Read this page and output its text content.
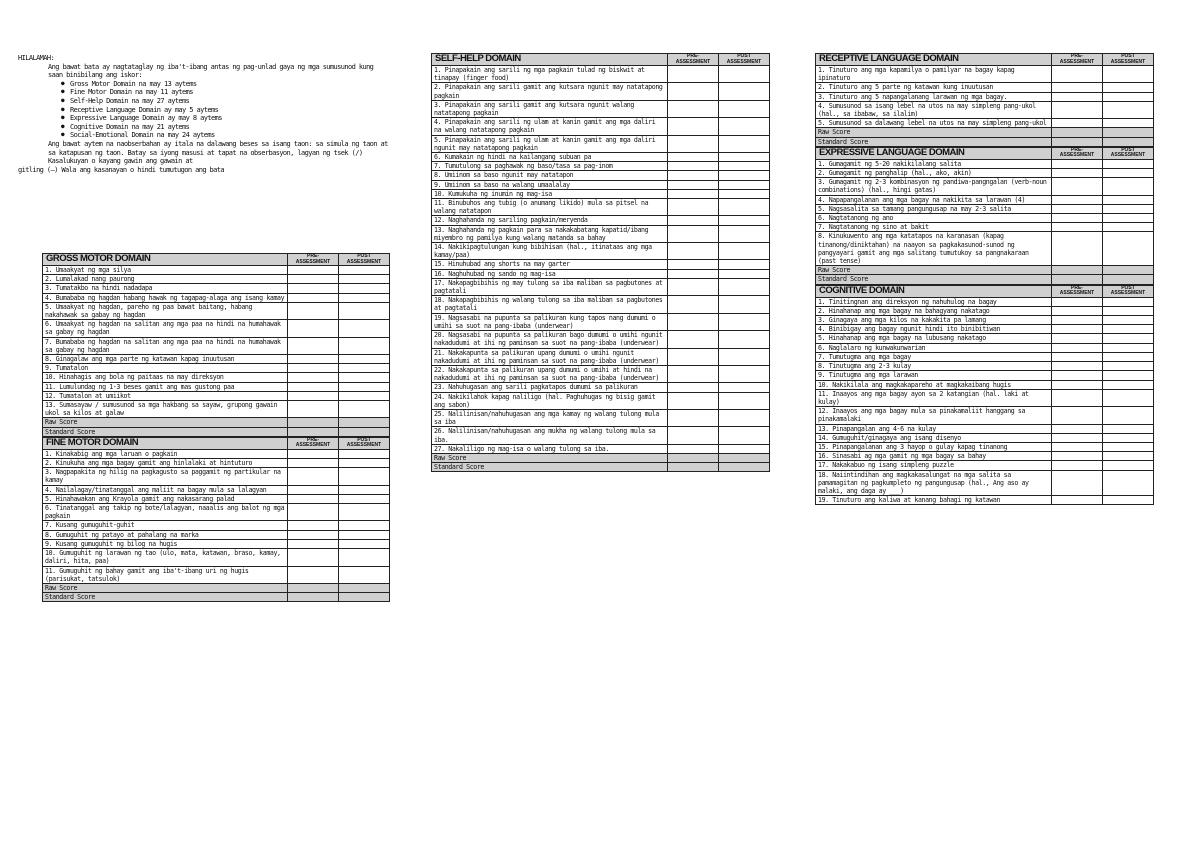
HILALAMAH:

Ang bawat bata ay nagtataglay ng iba't-ibang antas ng pag-unlad gaya ng mga sumusunod kung saan binibilang ang iskor:

● Gross Motor Domain na may 13 aytems
● Fine Motor Domain na may 11 aytems
● Self-Help Domain na may 27 aytems
● Receptive Language Domain ay may 5 aytems
● Expressive Language Domain ay may 8 aytems
● Cognitive Domain na may 21 aytems
● Social-Emotional Domain na may 24 aytems

Ang bawat aytem na naobserbahan ay itala na dalawang beses sa isang taon: sa simula ng taon at sa katapusan ng taon. Batay sa iyong masusi at tapat na obserbasyon, lagyan ng tsek (/) Kasalukuyan o kayang gawin ang gawain at

gitling (–) Wala ang kasanayan o hindi tumutugon ang bata

GROSS MOTOR DOMAIN	PRE-ASSESSMENT	POST ASSESSMENT
1. Umaakyat ng mga silya		
2. Lumalakad nang paurong		
3. Tumatakbo na hindi nadadapa		
4. Bumababa ng hagdan habang hawak ng tagapag-alaga ang isang kamay		
5. Umaakyat ng hagdan, pareho ng paa bawat baitang, habang nakahawak sa gabay ng hagdan		
6. Umaakyat ng hagdan na salitan ang mga paa na hindi na humahawak sa gabay ng hagdan		
7. Bumababa ng hagdan na salitan ang mga paa na hindi na humahawak sa gabay ng hagdan		
8. Ginagalaw ang mga parte ng katawan kapag inuutusan		
9. Tumatalon		
10. Hinahagis ang bola ng paitaas na may direksyon		
11. Lumulundag ng 1-3 beses gamit ang mas gustong paa		
12. Tumatalon at umiikot		
13. Sumasayaw / sumusunod sa mga hakbang sa sayaw, grupong gawain ukol sa kilos at galaw		
Raw Score		
Standard Score		
FINE MOTOR DOMAIN	PRE-ASSESSMENT	POST ASSESSMENT
1. Kinakabig ang mga laruan o pagkain		
2. Kinukuha ang mga bagay gamit ang hinlalaki at hintuturo		
3. Nagpapakita ng hilig na pagkagusto sa paggamit ng partikular na kamay		
4. Nailalagay/tinatanggal ang maliit na bagay mula sa lalagyan		
5. Hinahawakan ang Krayola gamit ang nakasarang palad		
6. Tinatanggal ang takip ng bote/lalagyan, naaalis ang balot ng mga pagkain		
7. Kusang gumuguhit-guhit		
8. Gumuguhit ng patayo at pahalang na marka		
9. Kusang gumuguhit ng bilog na hugis		
10. Gumuguhit ng larawan ng tao (ulo, mata, katawan, braso, kamay, daliri, hita, paa)		
11. Gumuguhit ng bahay gamit ang iba't-ibang uri ng hugis (parisukat, tatsulok)		
Raw Score		
Standard Score		
SELF-HELP DOMAIN	PRE-ASSESSMENT	POST ASSESSMENT
1. Pinapakain ang sarili ng mga pagkain tulad ng biskwit at tinapay (finger food)		
2. Pinapakain ang sarili gamit ang kutsara ngunit may natatapong pagkain		
3. Pinapakain ang sarili gamit ang kutsara ngunit walang natatapong pagkain		
4. Pinapakain ang sarili ng ulam at kanin gamit ang mga daliri na walang natatapong pagkain		
5. Pinapakain ang sarili ng ulam at kanin gamit ang mga daliri ngunit may natatapong pagkain		
6. Kumakain ng hindi na kailangang subuan pa		
7. Tumutulong sa paghawak ng baso/tasa sa pag-inom		
8. Umiinom sa baso ngunit may natatapon		
9. Umiinom sa baso na walang umaalalay		
10. Kumukuha ng inumin ng mag-isa		
11. Binubuhos ang tubig (o anumang likido) mula sa pitsel na walang natatapon		
12. Naghahanda ng sariling pagkain/meryenda		
13. Naghahanda ng pagkain para sa nakakabatang kapatid/ibang miyembro ng pamilya kung walang matanda sa bahay		
14. Nakikipagtulungan kung bibihisan (hal., itinataas ang mga kamay/paa)		
15. Hinuhubad ang shorts na may garter		
16. Naghuhubad ng sando ng mag-isa		
17. Nakapagbibihis ng may tulong sa iba maliban sa pagbutones at pagtatali		
18. Nakapagbibihis ng walang tulong sa iba maliban sa pagbutones at pagtatali		
19. Nagsasabi na pupunta sa palikuran kung tapos nang dumumi o umihi sa suot na pang-ibaba (underwear)		
20. Nagsasabi na pupunta sa palikuran bago dumumi o umihi ngunit nakadudumi at ihi ng paminsan sa suot na pang-ibaba (underwear)		
21. Nakakapunta sa palikuran upang dumumi o umihi ngunit nakadudumi at ihi ng paminsan sa suot na pang-ibaba (underwear)		
22. Nakakapunta sa palikuran upang dumumi o umihi at hindi na nakadudumi at ihi ng paminsan sa suot na pang-ibaba (underwear)		
23. Nahuhugasan ang sarili pagkatapos dumumi sa palikuran		
24. Nakikilahok kapag naliligo (hal. Paghuhugas ng bisig gamit ang sabon)		
25. Nalilinisan/nahuhugasan ang mga kamay ng walang tulong mula sa iba		
26. Nalilinisan/nahuhugasan ang mukha ng walang tulong mula sa iba.		
27. Nakaliligo ng mag-isa o walang tulong sa iba.		
Raw Score		
Standard Score		
RECEPTIVE LANGUAGE DOMAIN	PRE-ASSESSMENT	POST ASSESSMENT
1. Tinuturo ang mga kapamilya o pamilyar na bagay kapag ipinaturo		
2. Tinuturo ang 5 parte ng katawan kung inuutusan		
3. Tinuturo ang 5 napangalanang larawan ng mga bagay.		
4. Sumusunod sa isang lebel na utos na may simpleng pang-ukol (hal., sa ibabaw, sa ilalim)		
5. Sumusunod sa dalawang lebel na utos na may simpleng pang-ukol		
Raw Score		
Standard Score		
EXPRESSIVE LANGUAGE DOMAIN	PRE-ASSESSMENT	POST ASSESSMENT
1. Gumagamit ng 5-20 nakikilalang salita		
2. Gumagamit ng panghalip (hal., ako, akin)		
3. Gumagamit ng 2-3 kombinasyon ng pandiwa-pangngalan (verb-noun combinations) (hal., hingi gatas)		
4. Napapangalanan ang mga bagay na nakikita sa larawan (4)		
5. Nagsasalita sa tamang pangungusap na may 2-3 salita		
6. Nagtatanong ng ano		
7. Nagtatanong ng sino at bakit		
8. Kinukuwento ang mga katatapos na karanasan (kapag tinanong/diniktahan) na naayon sa pagkakasunod-sunod ng pangyayari gamit ang mga salitang tumutukoy sa pangnakaraan (past tense)		
Raw Score		
Standard Score		
COGNITIVE DOMAIN	PRE-ASSESSMENT	POST ASSESSMENT
1. Tinitingnan ang direksyon ng nahuhulog na bagay		
2. Hinahanap ang mga bagay na bahagyang nakatago		
3. Ginagaya ang mga kilos na kakakita pa lamang		
4. Binibigay ang bagay ngunit hindi ito binibitiwan		
5. Hinahanap ang mga bagay na lubusang nakatago		
6. Naglalaro ng kunwakunwarian		
7. Tumutugma ang mga bagay		
8. Tinutugma ang 2-3 kulay		
9. Tinutugma ang mga larawan		
10. Nakikilala ang magkakapareho at magkakaibang hugis		
11. Inaayos ang mga bagay ayon sa 2 katangian (hal. laki at kulay)		
12. Inaayos ang mga bagay mula sa pinakamaliit hanggang sa pinakamalaki		
13. Pinapangalan ang 4-6 na kulay		
14. Gumuguhit/ginagaya ang isang disenyo		
15. Pinapangalanan ang 3 hayop o gulay kapag tinanong		
16. Sinasabi ag mga gamit ng mga bagay sa bahay		
17. Nakakabuo ng isang simpleng puzzle		
18. Naiintindihan ang magkakasalungat na mga salita sa pamamagitan ng pagkumpleto ng pangungusap (hal., Ang aso ay malaki, ang daga ay ___)		
19. Tinuturo ang kaliwa at kanang bahagi ng katawan		
